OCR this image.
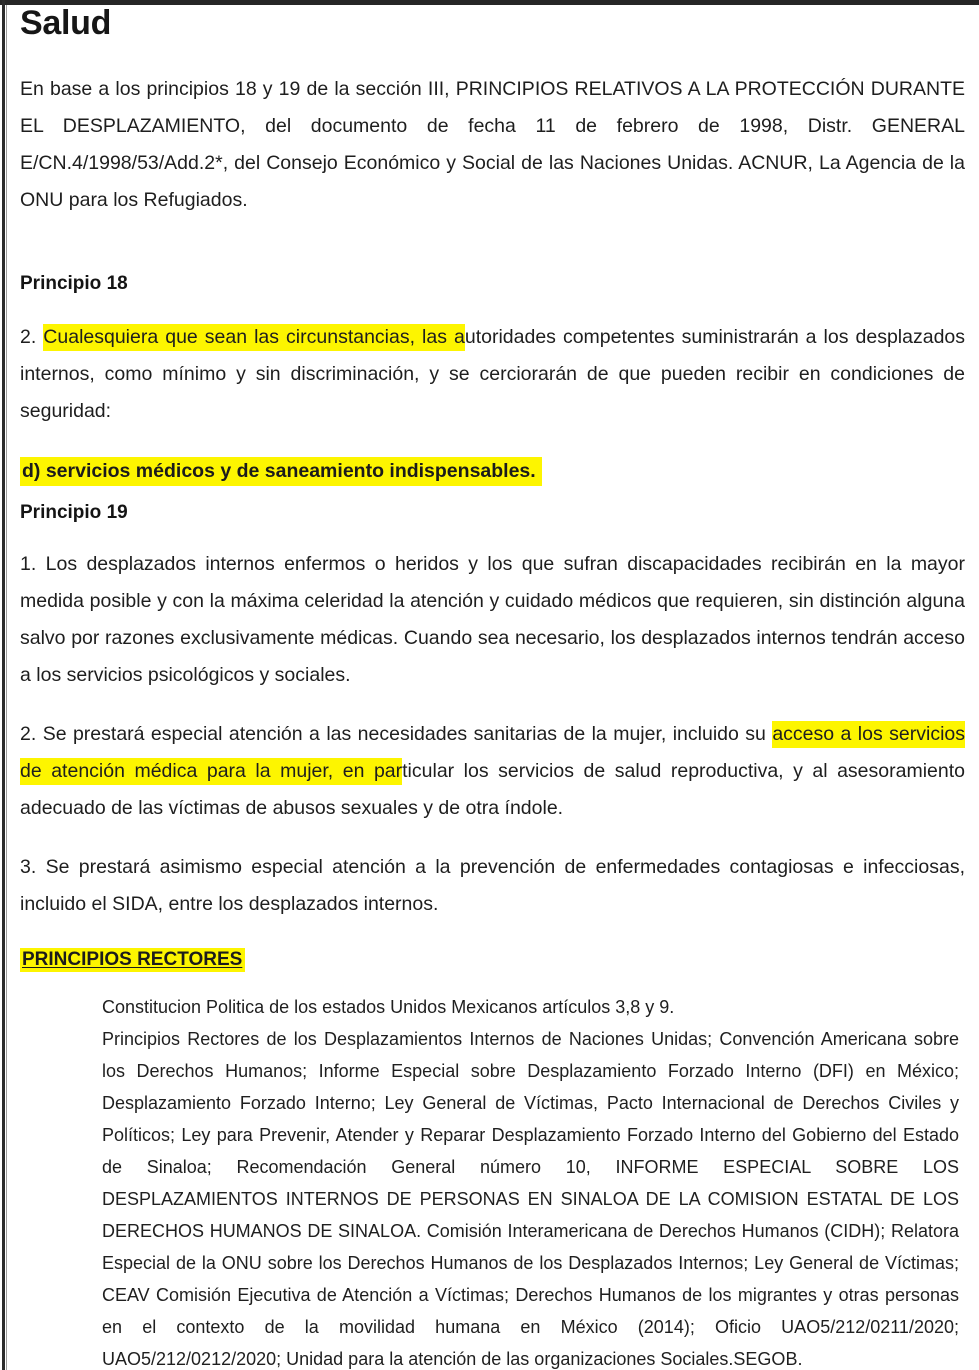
Salud

En base a los principios 18 y 19 de la sección III, PRINCIPIOS RELATIVOS A LA PROTECCIÓN DURANTE EL DESPLAZAMIENTO, del documento de fecha 11 de febrero de 1998, Distr. GENERAL E/CN.4/1998/53/Add.2*, del Consejo Económico y Social de las Naciones Unidas. ACNUR, La Agencia de la ONU para los Refugiados.

Principio 18

2. Cualesquiera que sean las circunstancias, las autoridades competentes suministrarán a los desplazados internos, como mínimo y sin discriminación, y se cerciorarán de que pueden recibir en condiciones de seguridad:

d) servicios médicos y de saneamiento indispensables.

Principio 19

1. Los desplazados internos enfermos o heridos y los que sufran discapacidades recibirán en la mayor medida posible y con la máxima celeridad la atención y cuidado médicos que requieren, sin distinción alguna salvo por razones exclusivamente médicas. Cuando sea necesario, los desplazados internos tendrán acceso a los servicios psicológicos y sociales.

2. Se prestará especial atención a las necesidades sanitarias de la mujer, incluido su acceso a los servicios de atención médica para la mujer, en particular los servicios de salud reproductiva, y al asesoramiento adecuado de las víctimas de abusos sexuales y de otra índole.

3. Se prestará asimismo especial atención a la prevención de enfermedades contagiosas e infecciosas, incluido el SIDA, entre los desplazados internos.

PRINCIPIOS RECTORES

Constitucion Politica de los estados Unidos Mexicanos artículos 3,8 y 9.

Principios Rectores de los Desplazamientos Internos de Naciones Unidas; Convención Americana sobre los Derechos Humanos; Informe Especial sobre Desplazamiento Forzado Interno (DFI) en México; Desplazamiento Forzado Interno; Ley General de Víctimas, Pacto Internacional de Derechos Civiles y Políticos; Ley para Prevenir, Atender y Reparar Desplazamiento Forzado Interno del Gobierno del Estado de Sinaloa; Recomendación General número 10, INFORME ESPECIAL SOBRE LOS DESPLAZAMIENTOS INTERNOS DE PERSONAS EN SINALOA DE LA COMISION ESTATAL DE LOS DERECHOS HUMANOS DE SINALOA. Comisión Interamericana de Derechos Humanos (CIDH); Relatora Especial de la ONU sobre los Derechos Humanos de los Desplazados Internos; Ley General de Víctimas; CEAV Comisión Ejecutiva de Atención a Víctimas; Derechos Humanos de los migrantes y otras personas en el contexto de la movilidad humana en México (2014); Oficio UAO5/212/0211/2020; UAO5/212/0212/2020; Unidad para la atención de las organizaciones Sociales.SEGOB.
